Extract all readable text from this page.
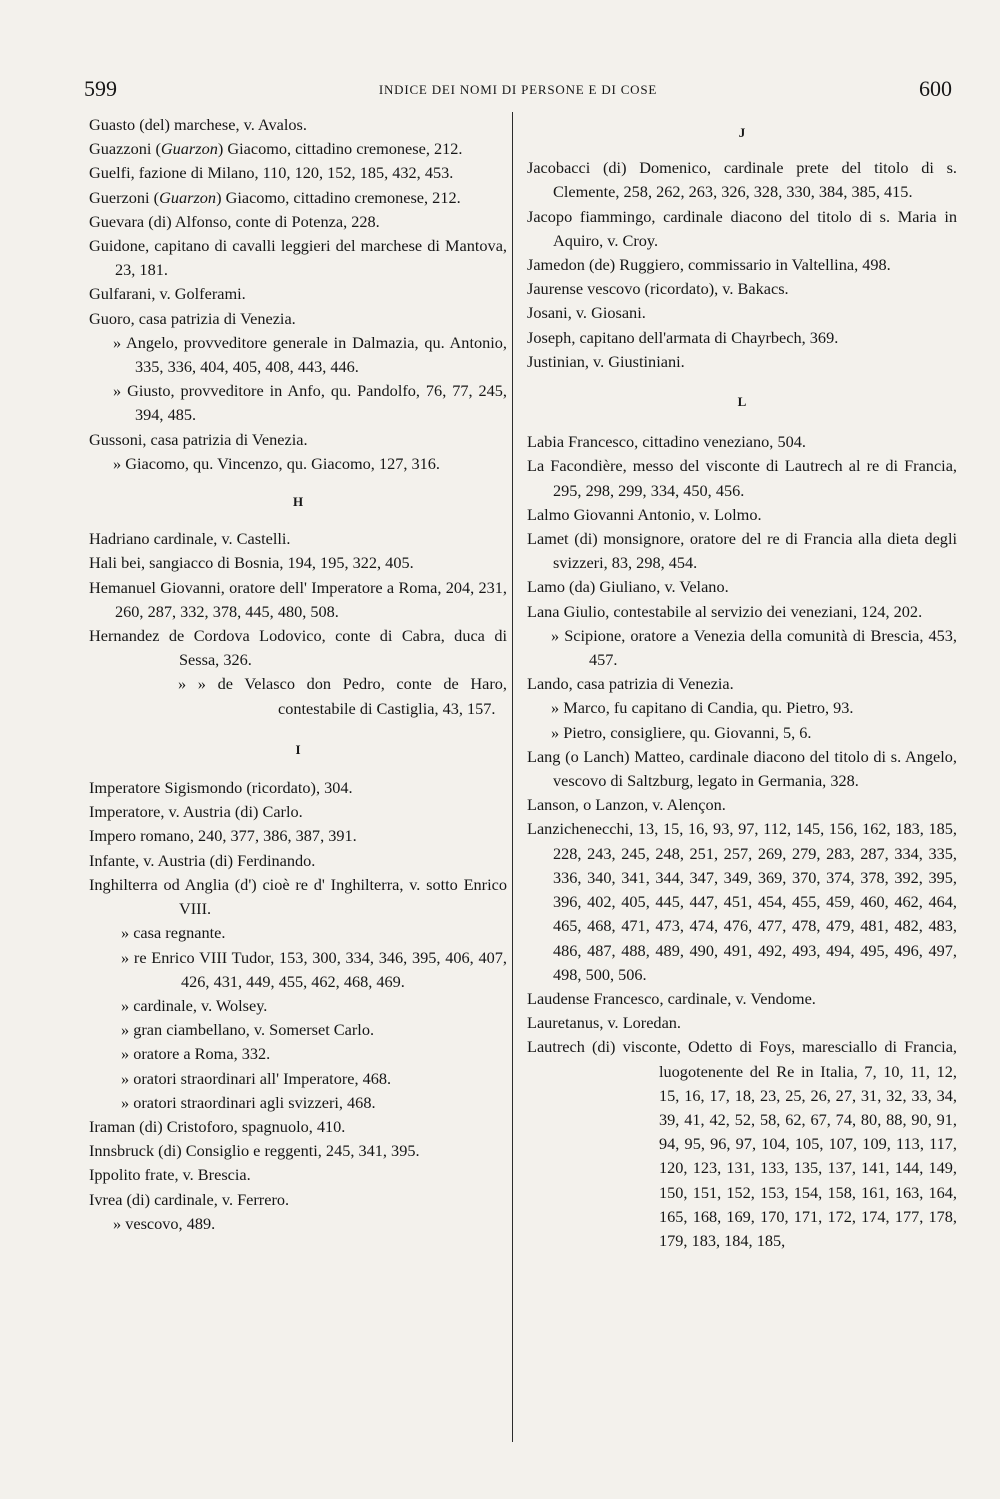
599	INDICE DEI NOMI DI PERSONE E DI COSE	600
Guasto (del) marchese, v. Avalos.
Guazzoni (Guarzon) Giacomo, cittadino cremonese, 212.
Guelfi, fazione di Milano, 110, 120, 152, 185, 432, 453.
Guerzoni (Guarzon) Giacomo, cittadino cremonese, 212.
Guevara (di) Alfonso, conte di Potenza, 228.
Guidone, capitano di cavalli leggieri del marchese di Mantova, 23, 181.
Gulfarani, v. Golferami.
Guoro, casa patrizia di Venezia.
» Angelo, provveditore generale in Dalmazia, qu. Antonio, 335, 336, 404, 405, 408, 443, 446.
» Giusto, provveditore in Anfo, qu. Pandolfo, 76, 77, 245, 394, 485.
Gussoni, casa patrizia di Venezia.
» Giacomo, qu. Vincenzo, qu. Giacomo, 127, 316.
H
Hadriano cardinale, v. Castelli.
Hali bei, sangiacco di Bosnia, 194, 195, 322, 405.
Hemanuel Giovanni, oratore dell' Imperatore a Roma, 204, 231, 260, 287, 332, 378, 445, 480, 508.
Hernandez de Cordova Lodovico, conte di Cabra, duca di Sessa, 326.
» » de Velasco don Pedro, conte de Haro, contestabile di Castiglia, 43, 157.
I
Imperatore Sigismondo (ricordato), 304.
Imperatore, v. Austria (di) Carlo.
Impero romano, 240, 377, 386, 387, 391.
Infante, v. Austria (di) Ferdinando.
Inghilterra od Anglia (d') cioè re d' Inghilterra, v. sotto Enrico VIII.
» casa regnante.
» re Enrico VIII Tudor, 153, 300, 334, 346, 395, 406, 407, 426, 431, 449, 455, 462, 468, 469.
» cardinale, v. Wolsey.
» gran ciambellano, v. Somerset Carlo.
» oratore a Roma, 332.
» oratori straordinari all' Imperatore, 468.
» oratori straordinari agli svizzeri, 468.
Iraman (di) Cristoforo, spagnuolo, 410.
Innsbruck (di) Consiglio e reggenti, 245, 341, 395.
Ippolito frate, v. Brescia.
Ivrea (di) cardinale, v. Ferrero.
» vescovo, 489.
J
Jacobacci (di) Domenico, cardinale prete del titolo di s. Clemente, 258, 262, 263, 326, 328, 330, 384, 385, 415.
Jacopo fiammingo, cardinale diacono del titolo di s. Maria in Aquiro, v. Croy.
Jamedon (de) Ruggiero, commissario in Valtellina, 498.
Jaurense vescovo (ricordato), v. Bakacs.
Josani, v. Giosani.
Joseph, capitano dell'armata di Chayrbech, 369.
Justinian, v. Giustiniani.
L
Labia Francesco, cittadino veneziano, 504.
La Facondière, messo del visconte di Lautrech al re di Francia, 295, 298, 299, 334, 450, 456.
Lalmo Giovanni Antonio, v. Lolmo.
Lamet (di) monsignore, oratore del re di Francia alla dieta degli svizzeri, 83, 298, 454.
Lamo (da) Giuliano, v. Velano.
Lana Giulio, contestabile al servizio dei veneziani, 124, 202.
» Scipione, oratore a Venezia della comunità di Brescia, 453, 457.
Lando, casa patrizia di Venezia.
» Marco, fu capitano di Candia, qu. Pietro, 93.
» Pietro, consigliere, qu. Giovanni, 5, 6.
Lang (o Lanch) Matteo, cardinale diacono del titolo di s. Angelo, vescovo di Saltzburg, legato in Germania, 328.
Lanson, o Lanzon, v. Alençon.
Lanzichenecchi, 13, 15, 16, 93, 97, 112, 145, 156, 162, 183, 185, 228, 243, 245, 248, 251, 257, 269, 279, 283, 287, 334, 335, 336, 340, 341, 344, 347, 349, 369, 370, 374, 378, 392, 395, 396, 402, 405, 445, 447, 451, 454, 455, 459, 460, 462, 464, 465, 468, 471, 473, 474, 476, 477, 478, 479, 481, 482, 483, 486, 487, 488, 489, 490, 491, 492, 493, 494, 495, 496, 497, 498, 500, 506.
Laudense Francesco, cardinale, v. Vendome.
Lauretanus, v. Loredan.
Lautrech (di) visconte, Odetto di Foys, maresciallo di Francia, luogotenente del Re in Italia, 7, 10, 11, 12, 15, 16, 17, 18, 23, 25, 26, 27, 31, 32, 33, 34, 39, 41, 42, 52, 58, 62, 67, 74, 80, 88, 90, 91, 94, 95, 96, 97, 104, 105, 107, 109, 113, 117, 120, 123, 131, 133, 135, 137, 141, 144, 149, 150, 151, 152, 153, 154, 158, 161, 163, 164, 165, 168, 169, 170, 171, 172, 174, 177, 178, 179, 183, 184, 185,
